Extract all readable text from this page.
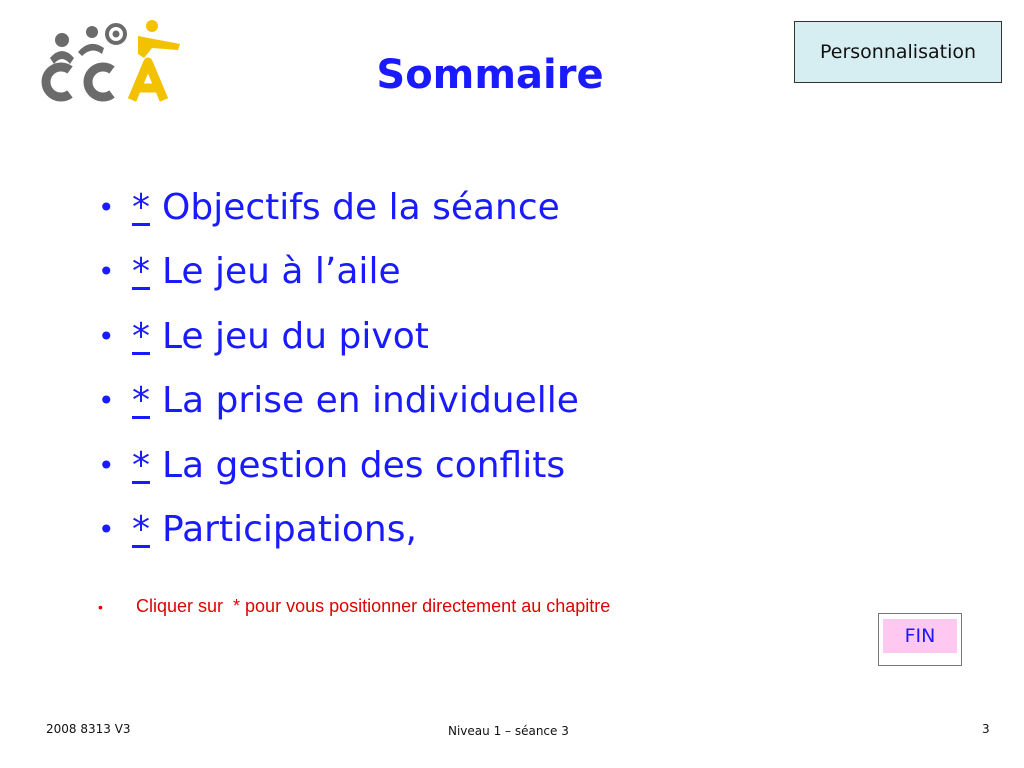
Sommaire	Personnalisation
• * Objectifs de la séance
• * Le jeu à l’aile
• * Le jeu du pivot
• * La prise en individuelle
• * La gestion des conflits
• * Participations,
• Cliquer sur  * pour vous positionner directement au chapitre
FIN
2008 8313 V3	Niveau 1 – séance 3	3
